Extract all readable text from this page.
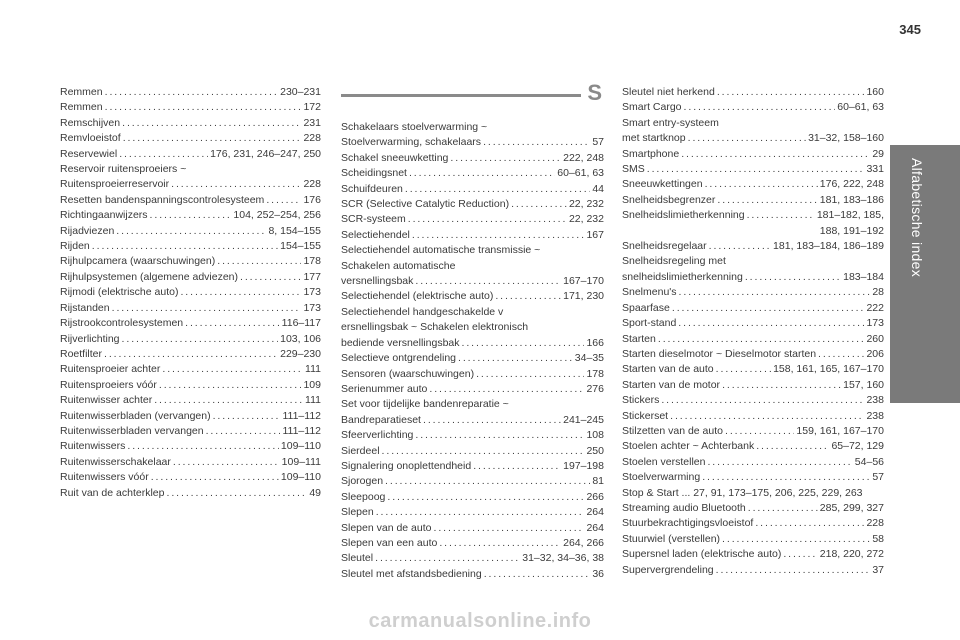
345
Alfabetische index
S
Remmen . . .	230–231
Remmen . . .	172
Remschijven . . .	231
Remvloeistof . . .	228
Reservewiel . . .	176, 231, 246–247, 250
Reservoir ruitensproeiers ~
Ruitensproeierreservoir . . .	228
Resetten bandenspanningscontrolesysteem . . .	176
Richtingaanwijzers . . .	104, 252–254, 256
Rijadviezen . . .	8, 154–155
Rijden . . .	154–155
Rijhulpcamera (waarschuwingen) . . .	178
Rijhulpsystemen (algemene adviezen) . . .	177
Rijmodi (elektrische auto) . . .	173
Rijstanden . . .	173
Rijstrookcontrolesystemen . . .	116–117
Rijverlichting . . .	103, 106
Roetfilter . . .	229–230
Ruitensproeier achter . . .	111
Ruitensproeiers vóór . . .	109
Ruitenwisser achter . . .	111
Ruitenwisserbladen (vervangen) . . .	111–112
Ruitenwisserbladen vervangen . . .	111–112
Ruitenwissers . . .	109–110
Ruitenwisserschakelaar . . .	109–111
Ruitenwissers vóór . . .	109–110
Ruit van de achterklep . . .	49
Schakelaars stoelverwarming ~
Stoelverwarming, schakelaars . . .	57
Schakel sneeuwketting . . .	222, 248
Scheidingsnet . . .	60–61, 63
Schuifdeuren . . .	44
SCR (Selective Catalytic Reduction) . . .	22, 232
SCR-systeem . . .	22, 232
Selectiehendel . . .	167
Selectiehendel automatische transmissie ~
Schakelen automatische
versnellingsbak . . .	167–170
Selectiehendel (elektrische auto) . . .	171, 230
Selectiehendel handgeschakelde v
ersnellingsbak ~ Schakelen elektronisch
bediende versnellingsbak . . .	166
Selectieve ontgrendeling . . .	34–35
Sensoren (waarschuwingen) . . .	178
Serienummer auto . . .	276
Set voor tijdelijke bandenreparatie ~
Bandreparatieset . . .	241–245
Sfeerverlichting . . .	108
Sierdeel . . .	250
Signalering onoplettendheid . . .	197–198
Sjorogen . . .	81
Sleepoog . . .	266
Slepen . . .	264
Slepen van de auto . . .	264
Slepen van een auto . . .	264, 266
Sleutel . . .	31–32, 34–36, 38
Sleutel met afstandsbediening . . .	36
Sleutel niet herkend . . .	160
Smart Cargo . . .	60–61, 63
Smart entry-systeem
met startknop . . .	31–32, 158–160
Smartphone . . .	29
SMS . . .	331
Sneeuwkettingen . . .	176, 222, 248
Snelheidsbegrenzer . . .	181, 183–186
Snelheidslimietherkenning . . .	181–182, 185,
188, 191–192
Snelheidsregelaar . . .	181, 183–184, 186–189
Snelheidsregeling met
snelheidslimietherkenning . . .	183–184
Snelmenu's . . .	28
Spaarfase . . .	222
Sport-stand . . .	173
Starten . . .	260
Starten dieselmotor ~ Dieselmotor starten . . .	206
Starten van de auto . . .	158, 161, 165, 167–170
Starten van de motor . . .	157, 160
Stickers . . .	238
Stickerset . . .	238
Stilzetten van de auto . . .	159, 161, 167–170
Stoelen achter ~ Achterbank . . .	65–72, 129
Stoelen verstellen . . .	54–56
Stoelverwarming . . .	57
Stop & Start ... 27, 91, 173–175, 206, 225, 229, 263
Streaming audio Bluetooth . . .	285, 299, 327
Stuurbekrachtigingsvloeistof . . .	228
Stuurwiel (verstellen) . . .	58
Supersnel laden (elektrische auto) . . .	218, 220, 272
Supervergrendeling . . .	37
carmanualsonline.info
